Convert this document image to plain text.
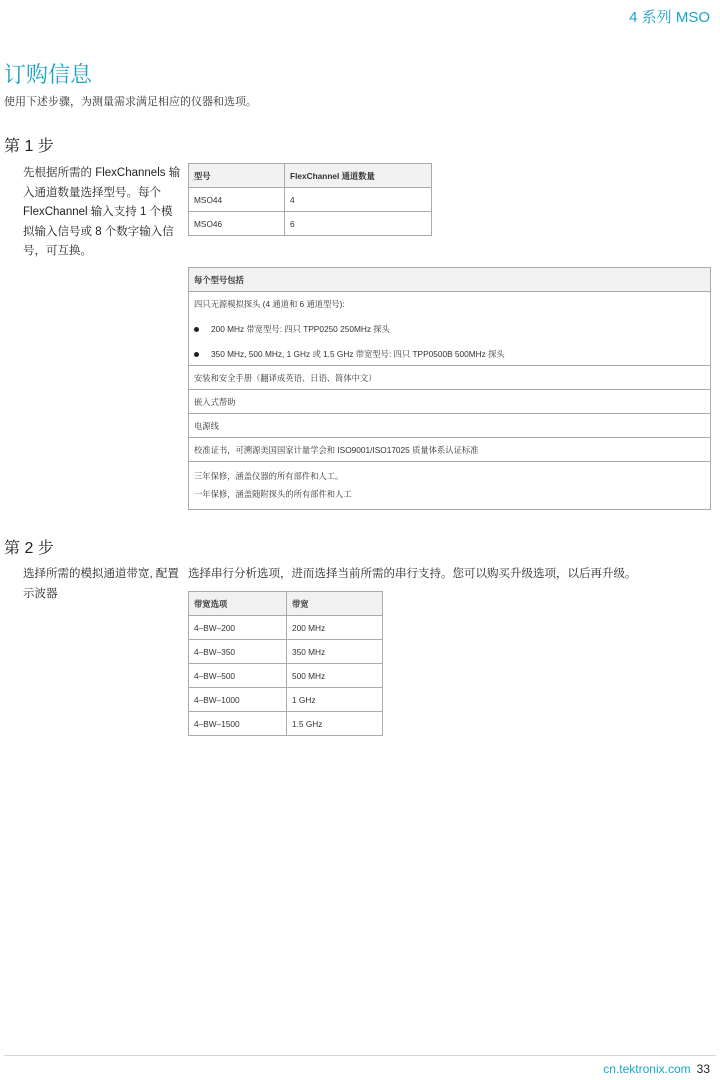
4 系列 MSO
订购信息
使用下述步骤，为测量需求满足相应的仪器和选项。
第 1 步
先根据所需的 FlexChannels 输入通道数量选择型号。每个 FlexChannel 输入支持 1 个模拟输入信号或 8 个数字输入信号，可互换。
型号	FlexChannel 通道数量
MSO44	4
MSO46	6
每个型号包括

四只无源模拟探头 (4 通道和 6 通道型号):
200 MHz 带宽型号: 四只 TPP0250 250MHz 探头
350 MHz, 500 MHz, 1 GHz 或 1.5 GHz 带宽型号: 四只 TPP0500B 500MHz 探头

安装和安全手册（翻译成英语、日语、简体中文）
嵌入式帮助
电源线
校准证书，可溯源美国国家计量学会和 ISO9001/ISO17025 质量体系认证标准

三年保修，涵盖仪器的所有部件和人工。
一年保修，涵盖随附探头的所有部件和人工
第 2 步
选择所需的模拟通道带宽, 配置示波器
选择串行分析选项，进而选择当前所需的串行支持。您可以购买升级选项，以后再升级。
带宽选项	带宽
4–BW–200	200 MHz
4–BW–350	350 MHz
4–BW–500	500 MHz
4–BW–1000	1 GHz
4–BW–1500	1.5 GHz
cn.tektronix.com 33
